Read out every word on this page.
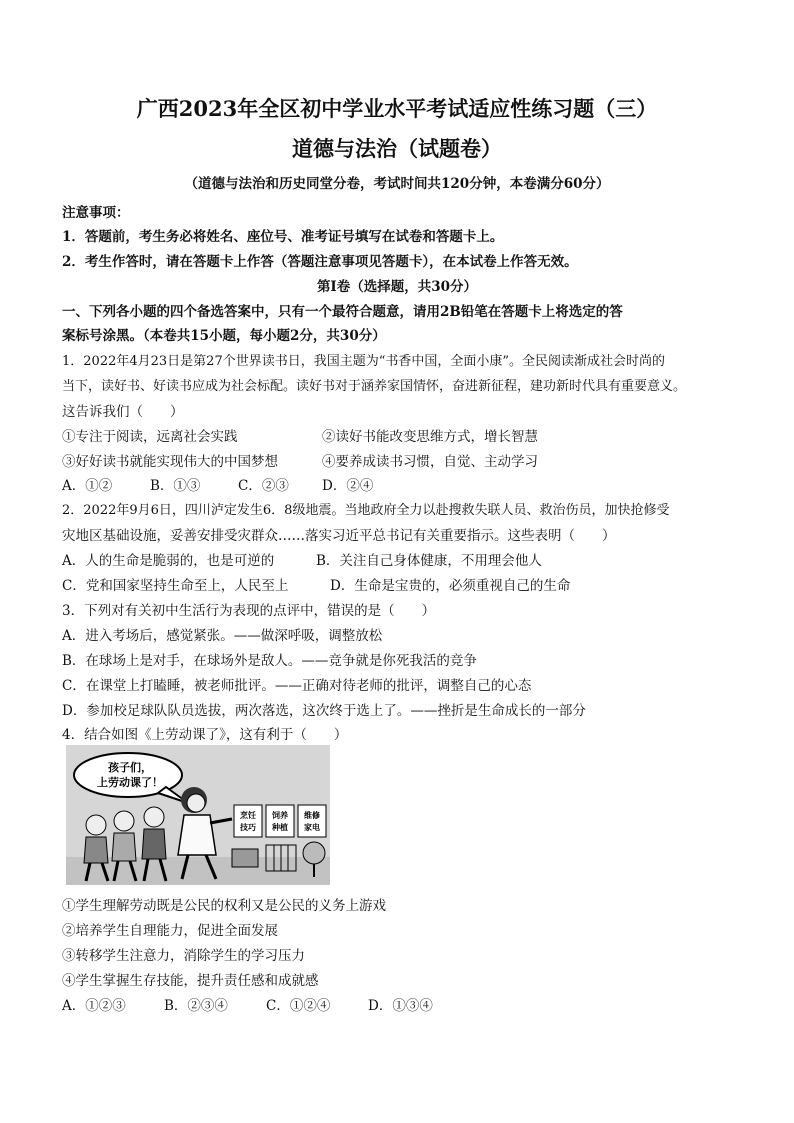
广西2023年全区初中学业水平考试适应性练习题（三）
道德与法治（试题卷）
（道德与法治和历史同堂分卷，考试时间共120分钟，本卷满分60分）
注意事项：
1．答题前，考生务必将姓名、座位号、准考证号填写在试卷和答题卡上。
2．考生作答时，请在答题卡上作答（答题注意事项见答题卡），在本试卷上作答无效。
第Ⅰ卷（选择题，共30分）
一、下列各小题的四个备选答案中，只有一个最符合题意，请用2B铅笔在答题卡上将选定的答
案标号涂黑。（本卷共15小题，每小题2分，共30分）
1．2022年4月23日是第27个世界读书日，我国主题为“书香中国，全面小康”。全民阅读渐成社会时尚的
当下，读好书、好读书应成为社会标配。读好书对于涵养家国情怀，奋进新征程，建功新时代具有重要意义。
这告诉我们（　　）
①专注于阅读，远离社会实践	②读好书能改变思维方式，增长智慧
③好好读书就能实现伟大的中国梦想	④要养成读书习惯，自觉、主动学习
A．①②	B．①③	C．②③ D．②④
2．2022年9月6日，四川泸定发生6．8级地震。当地政府全力以赴搜救失联人员、救治伤员，加快抢修受
灾地区基础设施，妥善安排受灾群众……落实习近平总书记有关重要指示。这些表明（　　）
A．人的生命是脆弱的，也是可逆的	B．关注自己身体健康，不用理会他人
C．党和国家坚持生命至上，人民至上	D．生命是宝贵的，必须重视自己的生命
3．下列对有关初中生活行为表现的点评中，错误的是（　　）
A．进入考场后，感觉紧张。——做深呼吸，调整放松
B．在球场上是对手，在球场外是敌人。——竞争就是你死我活的竞争
C．在课堂上打瞌睡，被老师批评。——正确对待老师的批评，调整自己的心态
D．参加校足球队队员选拔，两次落选，这次终于选上了。——挫折是生命成长的一部分
4．结合如图《上劳动课了》，这有利于（　　）
孩子们，
上劳动课了！
烹饪
技巧
饲养
种植
维修
家电
①学生理解劳动既是公民的权利又是公民的义务上游戏
②培养学生自理能力，促进全面发展
③转移学生注意力，消除学生的学习压力
④学生掌握生存技能，提升责任感和成就感
A．①②③	B．②③④	C．①②④	D．①③④
